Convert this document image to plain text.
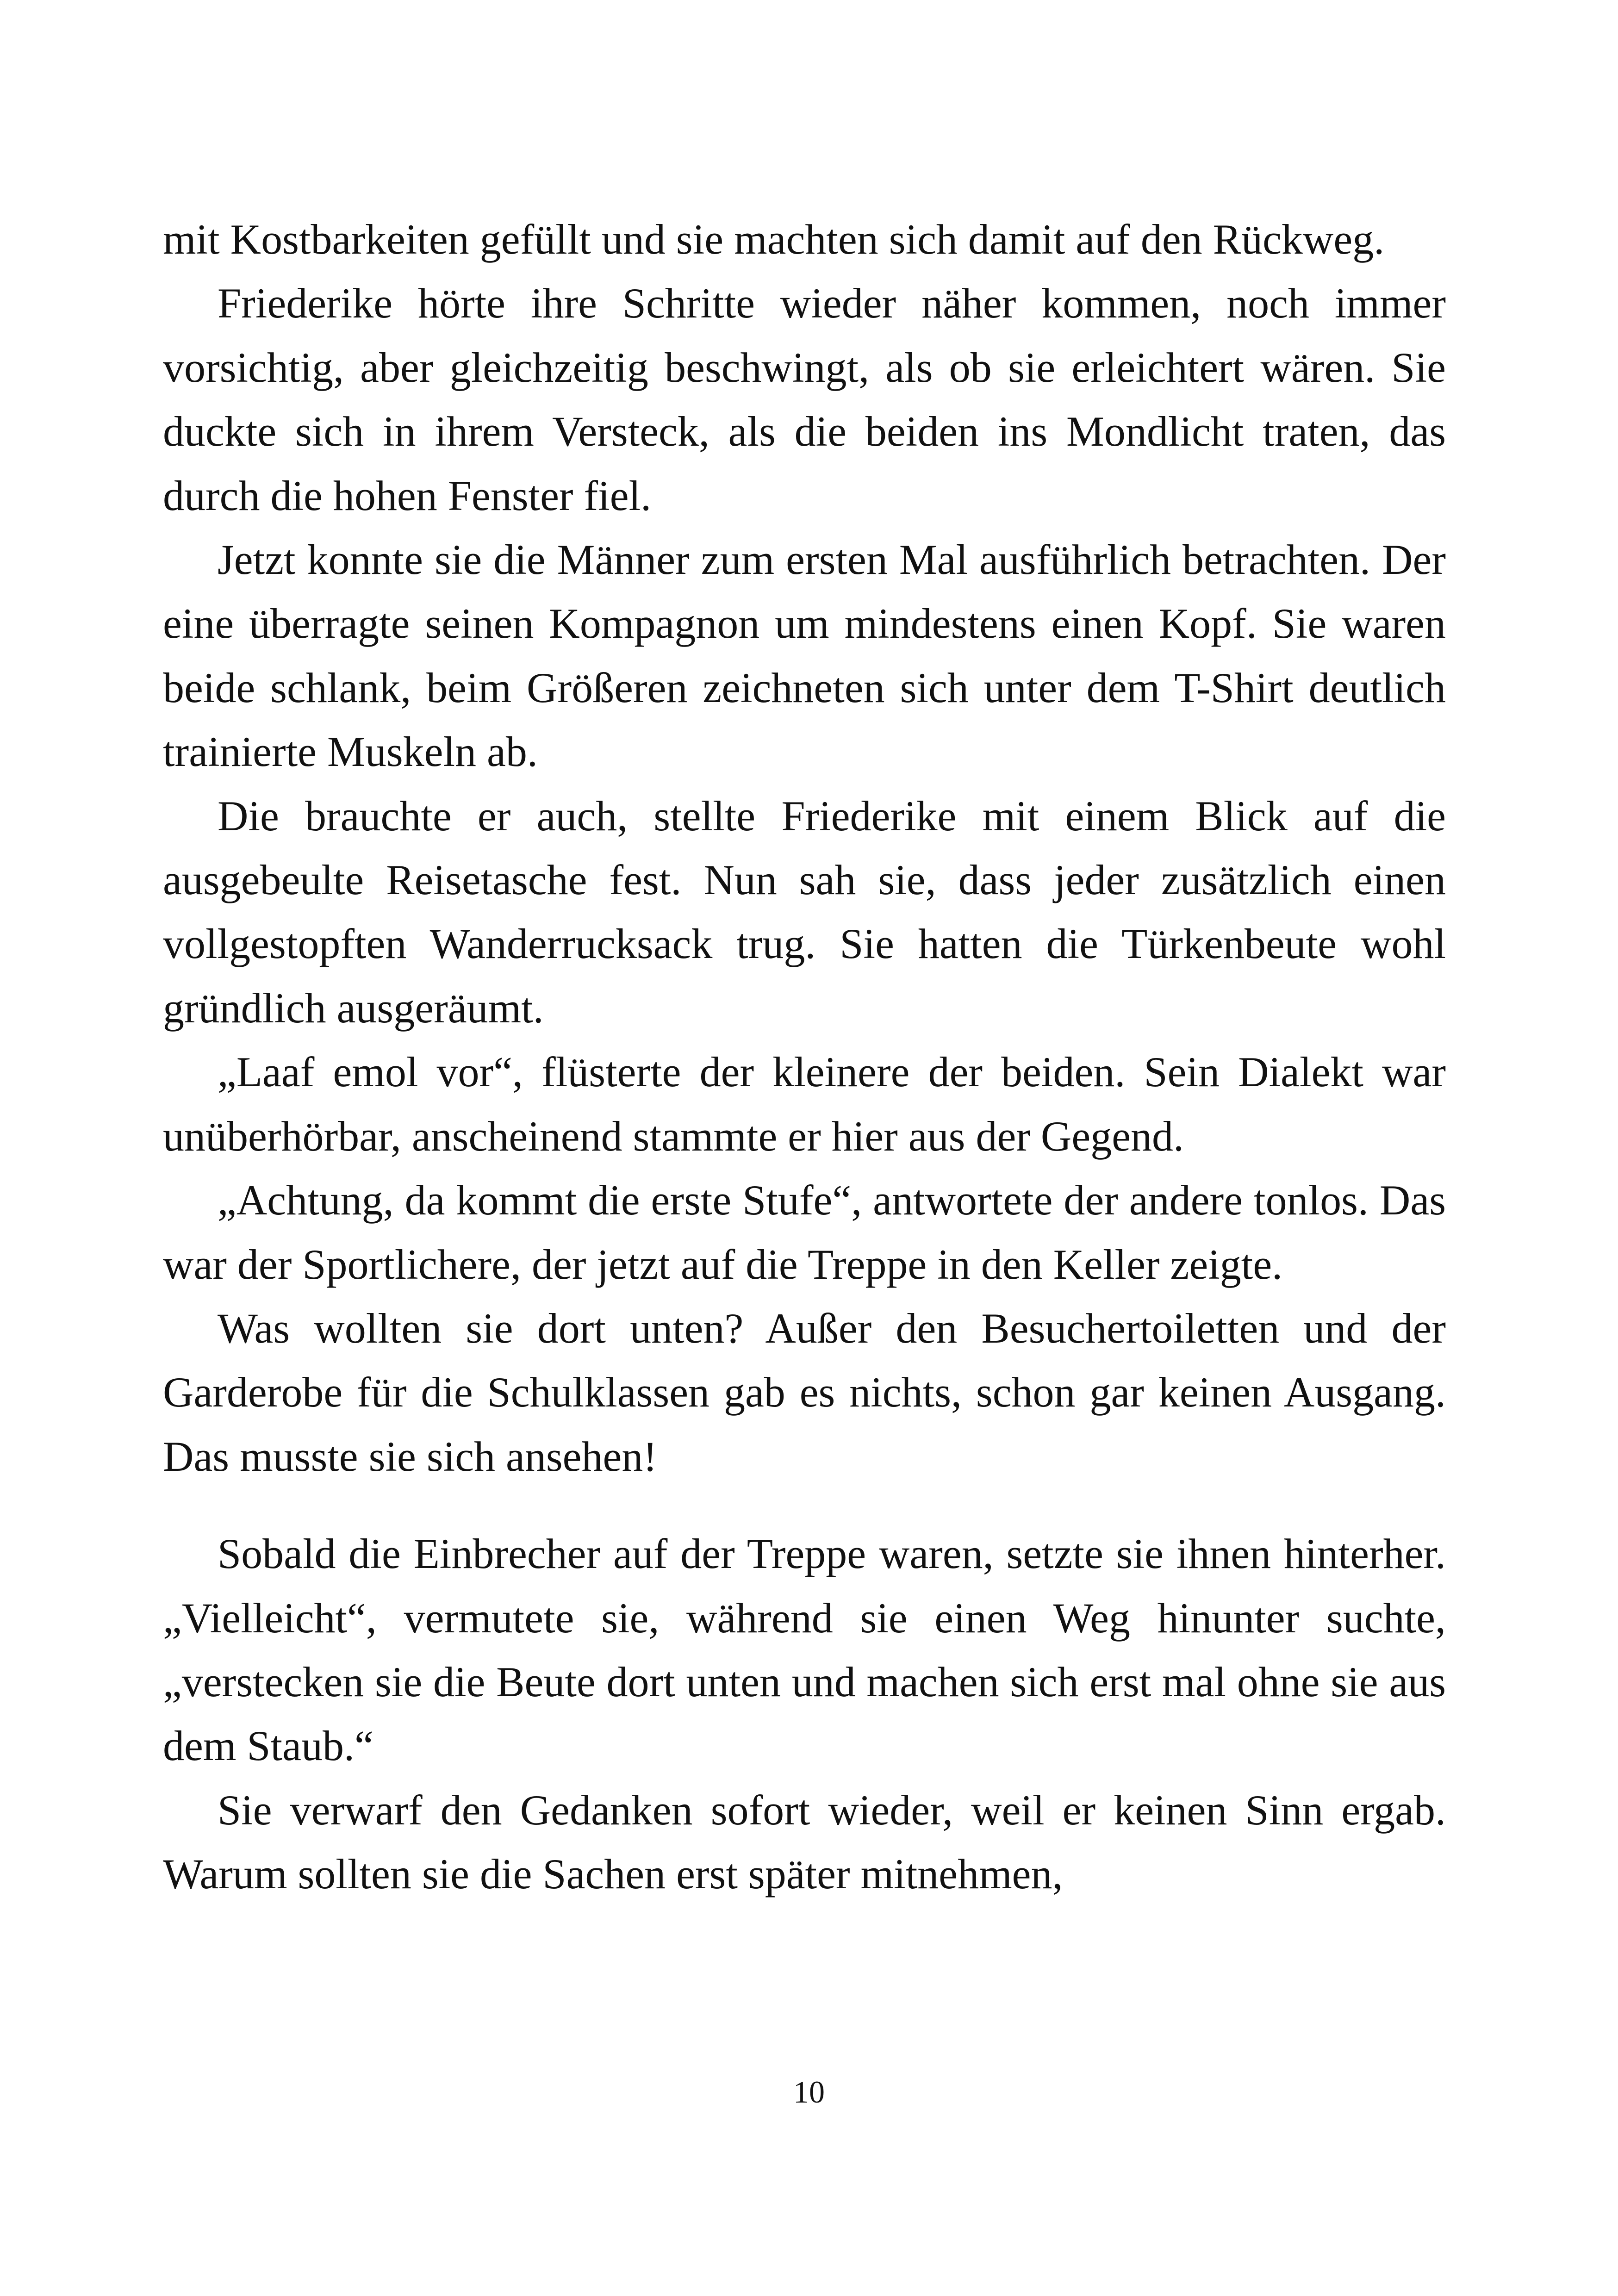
mit Kostbarkeiten gefüllt und sie machten sich damit auf den Rückweg.

Friederike hörte ihre Schritte wieder näher kommen, noch immer vorsichtig, aber gleichzeitig beschwingt, als ob sie erleichtert wären. Sie duckte sich in ihrem Versteck, als die beiden ins Mondlicht traten, das durch die hohen Fenster fiel.

Jetzt konnte sie die Männer zum ersten Mal ausführlich betrachten. Der eine überragte seinen Kompagnon um mindestens einen Kopf. Sie waren beide schlank, beim Größeren zeichneten sich unter dem T-Shirt deutlich trainierte Muskeln ab.

Die brauchte er auch, stellte Friederike mit einem Blick auf die ausgebeulte Reisetasche fest. Nun sah sie, dass jeder zusätzlich einen vollgestopften Wanderrucksack trug. Sie hatten die Türkenbeute wohl gründlich ausgeräumt.

„Laaf emol vor“, flüsterte der kleinere der beiden. Sein Dialekt war unüberhörbar, anscheinend stammte er hier aus der Gegend.

„Achtung, da kommt die erste Stufe“, antwortete der andere tonlos. Das war der Sportlichere, der jetzt auf die Treppe in den Keller zeigte.

Was wollten sie dort unten? Außer den Besuchertoiletten und der Garderobe für die Schulklassen gab es nichts, schon gar keinen Ausgang. Das musste sie sich ansehen!

Sobald die Einbrecher auf der Treppe waren, setzte sie ihnen hinterher. „Vielleicht“, vermutete sie, während sie einen Weg hinunter suchte, „verstecken sie die Beute dort unten und machen sich erst mal ohne sie aus dem Staub.“

Sie verwarf den Gedanken sofort wieder, weil er keinen Sinn ergab. Warum sollten sie die Sachen erst später mitnehmen,

10
